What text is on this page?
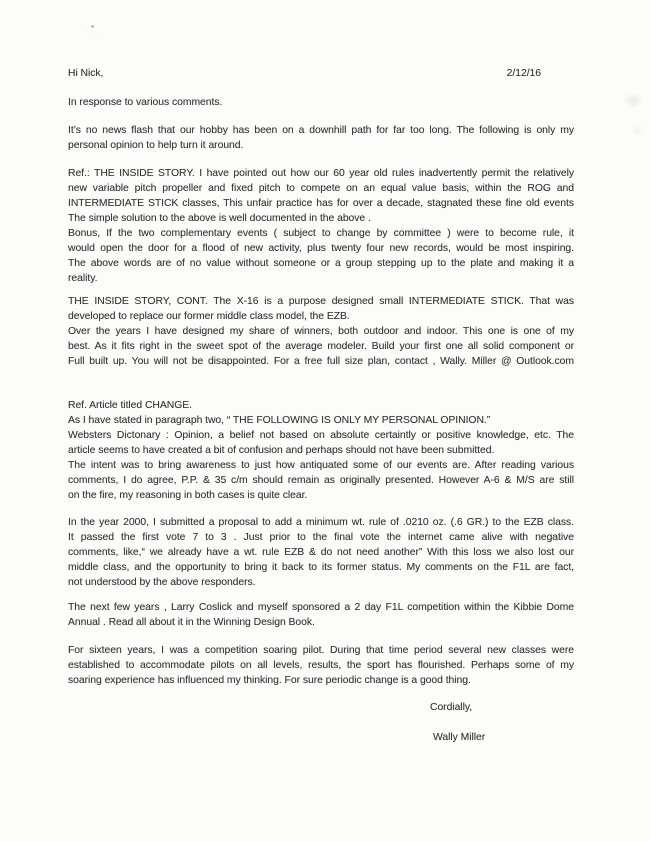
Hi Nick,	2/12/16
In response to various comments.
It’s no news flash that our hobby has been on a downhill path for far too long. The following is only my
personal opinion to help turn it around.
Ref.: THE INSIDE STORY. I have pointed out how our 60 year old rules inadvertently permit the relatively
new variable pitch propeller and fixed pitch to compete on an equal value basis, within the ROG and
INTERMEDIATE STICK classes, This unfair practice has for over a decade, stagnated these fine old events
The simple solution to the above is well documented in the above .
Bonus, If the two complementary events ( subject to change by committee ) were to become rule, it
would open the door for a flood of new activity, plus twenty four new records, would be most inspiring.
The above words are of no value without someone or a group stepping up to the plate and making it a
reality.
THE INSIDE STORY, CONT. The X-16 is a purpose designed small INTERMEDIATE STICK. That was
developed to replace our former middle class model, the EZB.
Over the years I have designed my share of winners, both outdoor and indoor. This one is one of my
best. As it fits right in the sweet spot of the average modeler. Build your first one all solid component or
Full built up. You will not be disappointed. For a free full size plan, contact , Wally. Miller @ Outlook.com
Ref. Article titled CHANGE.
As I have stated in paragraph two, “ THE FOLLOWING IS ONLY MY PERSONAL OPINION.”
Websters Dictonary : Opinion, a belief not based on absolute certaintly or positive knowledge, etc. The
article seems to have created a bit of confusion and perhaps should not have been submitted.
The intent was to bring awareness to just how antiquated some of our events are. After reading various
comments, I do agree, P.P. & 35 c/m should remain as originally presented. However A-6 & M/S are still
on the fire, my reasoning in both cases is quite clear.
In the year 2000, I submitted a proposal to add a minimum wt. rule of .0210 oz. (.6 GR.) to the EZB class.
It passed the first vote 7 to 3 . Just prior to the final vote the internet came alive with negative
comments, like,“ we already have a wt. rule EZB & do not need another” With this loss we also lost our
middle class, and the opportunity to bring it back to its former status. My comments on the F1L are fact,
not understood by the above responders.
The next few years , Larry Coslick and myself sponsored a 2 day F1L competition within the Kibbie Dome
Annual . Read all about it in the Winning Design Book.
For sixteen years, I was a competition soaring pilot. During that time period several new classes were
established to accommodate pilots on all levels, results, the sport has flourished. Perhaps some of my
soaring experience has influenced my thinking. For sure periodic change is a good thing.
Cordially,
Wally Miller
